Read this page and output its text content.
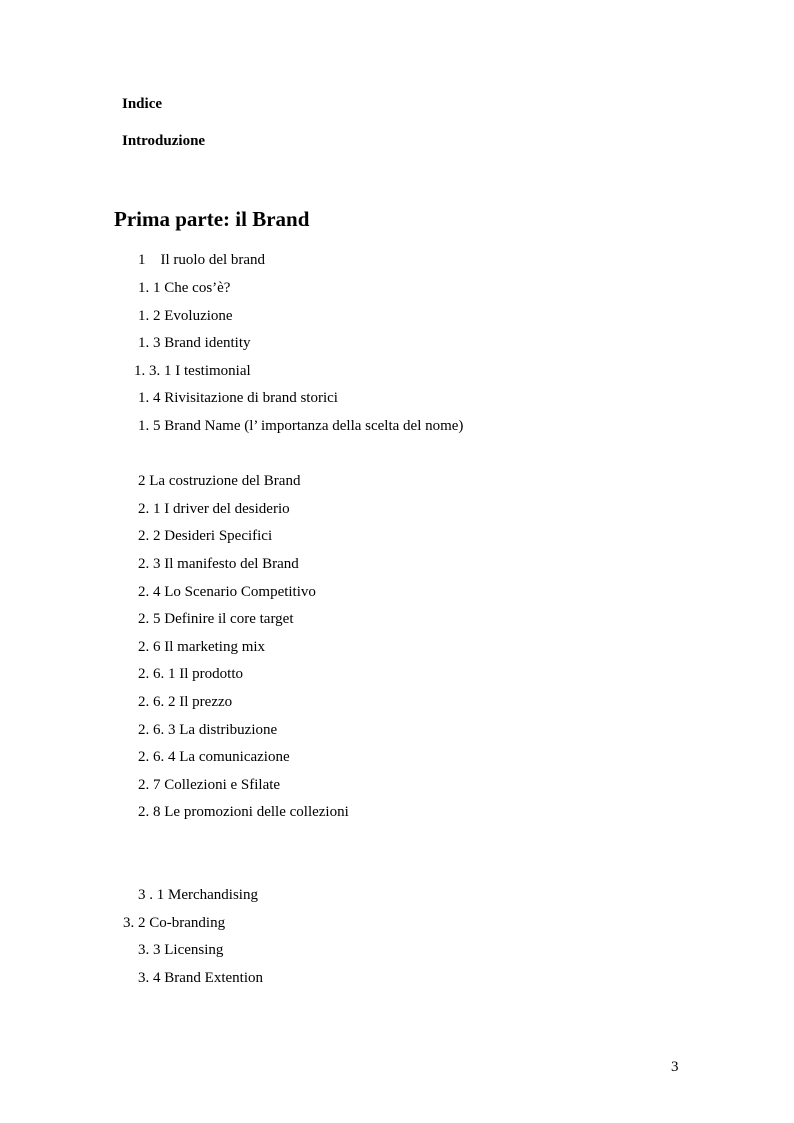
Indice
Introduzione
Prima parte: il Brand
1    Il ruolo del brand
1. 1 Che cos’è?
1. 2 Evoluzione
1. 3 Brand identity
1. 3. 1 I testimonial
1. 4 Rivisitazione di brand storici
1. 5 Brand Name (l’ importanza della scelta del nome)
2 La costruzione del Brand
2. 1 I driver del desiderio
2. 2 Desideri Specifici
2. 3 Il manifesto del Brand
2. 4 Lo Scenario Competitivo
2. 5 Definire il core target
2. 6 Il marketing mix
2. 6. 1 Il prodotto
2. 6. 2 Il prezzo
2. 6. 3 La distribuzione
2. 6. 4 La comunicazione
2. 7 Collezioni e Sfilate
2. 8 Le promozioni delle collezioni
3 . 1 Merchandising
3. 2 Co-branding
3. 3 Licensing
3. 4 Brand Extention
3
